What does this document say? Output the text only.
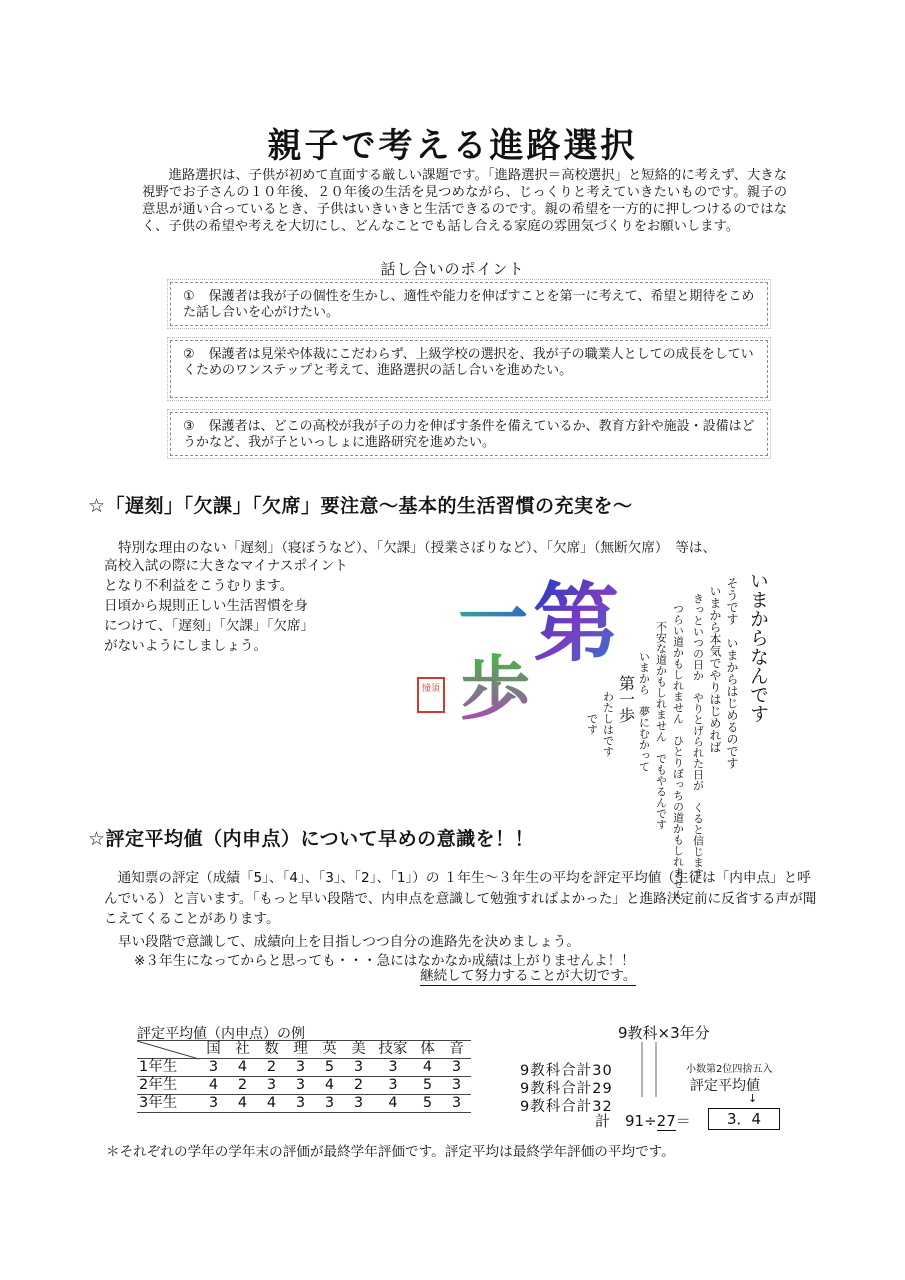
親子で考える進路選択
進路選択は、子供が初めて直面する厳しい課題です。「進路選択＝高校選択」と短絡的に考えず、大きな視野でお子さんの１０年後、２０年後の生活を見つめながら、じっくりと考えていきたいものです。親子の意思が通い合っているとき、子供はいきいきと生活できるのです。親の希望を一方的に押しつけるのではなく、子供の希望や考えを大切にし、どんなことでも話し合える家庭の雰囲気づくりをお願いします。
話し合いのポイント
① 保護者は我が子の個性を生かし、適性や能力を伸ばすことを第一に考えて、希望と期待をこめた話し合いを心がけたい。
② 保護者は見栄や体裁にこだわらず、上級学校の選択を、我が子の職業人としての成長をしていくためのワンステップと考えて、進路選択の話し合いを進めたい。
③ 保護者は、どこの高校が我が子の力を伸ばす条件を備えているか、教育方針や施設・設備はどうかなど、我が子といっしょに進路研究を進めたい。
☆「遅刻」「欠課」「欠席」要注意～基本的生活習慣の充実を～
特別な理由のない「遅刻」（寝ぼうなど）、「欠課」（授業さぼりなど）、「欠席」（無断欠席）　等は、
高校入試の際に大きなマイナスポイント
となり不利益をこうむります。
日頃から規則正しい生活習慣を身
につけて、「遅刻」「欠課」「欠席」
がないようにしましょう。	第
一
歩	いまからなんです
そうです　いまからはじめるのです
いまから本気でやりはじめれば
きっといつの日か　やりとげられた日が　くると信じます
つらい道かもしれません　ひとりぼっちの道かもしれません
不安な道かもしれません　でもやるんです
いまから　夢にむかって
第一歩
わたしはです
です
憧須
☆評定平均値（内申点）について早めの意識を！！
通知票の評定（成績「5」、「4」、「3」、「2」、「1」）の １年生～３年生の平均を評定平均値（生徒は「内申点」と呼んでいる）と言います。「もっと早い段階で、内申点を意識して勉強すればよかった」と進路決定前に反省する声が聞こえてくることがあります。
早い段階で意識して、成績向上を目指しつつ自分の進路先を決めましょう。
※３年生になってからと思っても・・・急にはなかなか成績は上がりませんよ！！
継続して努力することが大切です。
評定平均値（内申点）の例	9教科×3年分
	国	社	数	理	英	美	技家	体	音
1年生	3	4	2	3	5	3	3	4	3
2年生	4	2	3	3	4	2	3	5	3
3年生	3	4	4	3	3	3	4	5	3
9教科合計30
9教科合計29
9教科合計32
小数第2位四捨五入
評定平均値
↓
計　91÷27＝	3．4
＊それぞれの学年の学年末の評価が最終学年評価です。評定平均は最終学年評価の平均です。
